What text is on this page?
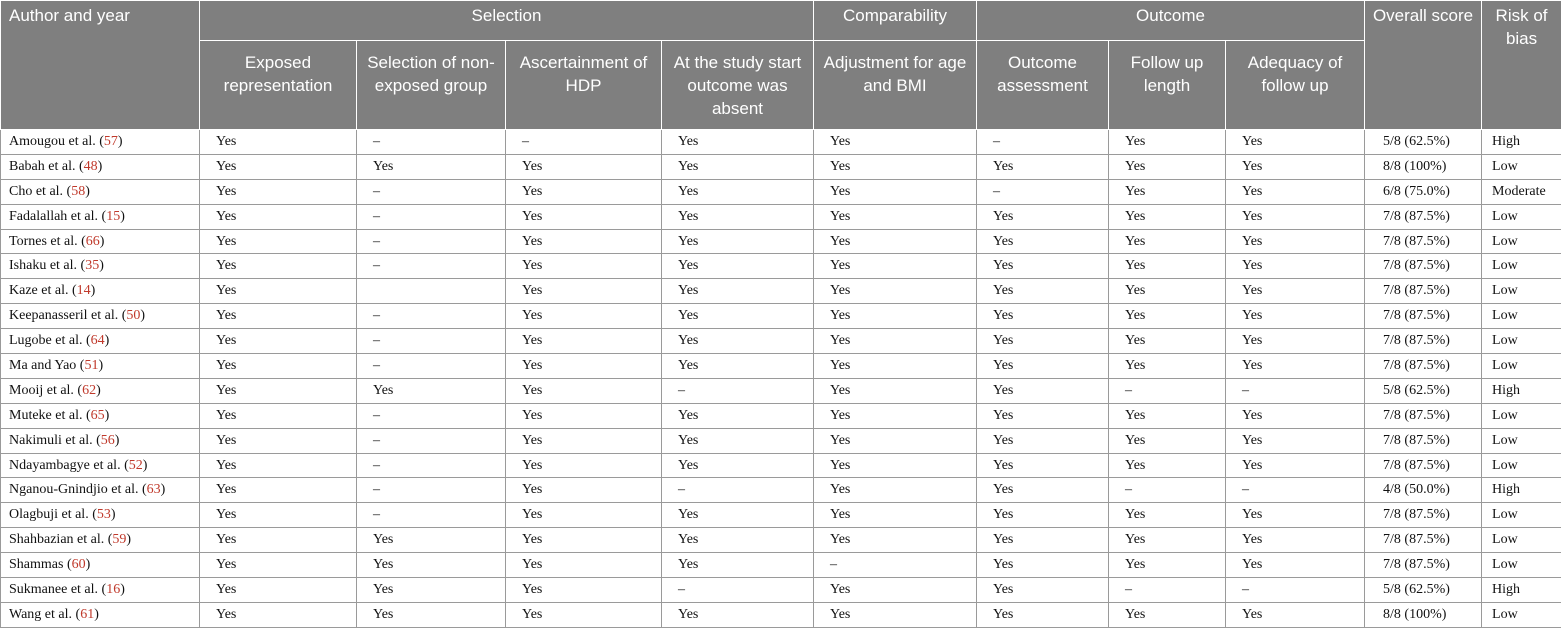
Author and year	Selection				Comparability	Outcome			Overall score	Risk of bias
	Exposed representation	Selection of non-exposed group	Ascertainment of HDP	At the study start outcome was absent	Adjustment for age and BMI	Outcome assessment	Follow up length	Adequacy of follow up		
Amougou et al. (57)	Yes	–	–	Yes	Yes	–	Yes	Yes	5/8 (62.5%)	High
Babah et al. (48)	Yes	Yes	Yes	Yes	Yes	Yes	Yes	Yes	8/8 (100%)	Low
Cho et al. (58)	Yes	–	Yes	Yes	Yes	–	Yes	Yes	6/8 (75.0%)	Moderate
Fadalallah et al. (15)	Yes	–	Yes	Yes	Yes	Yes	Yes	Yes	7/8 (87.5%)	Low
Tornes et al. (66)	Yes	–	Yes	Yes	Yes	Yes	Yes	Yes	7/8 (87.5%)	Low
Ishaku et al. (35)	Yes	–	Yes	Yes	Yes	Yes	Yes	Yes	7/8 (87.5%)	Low
Kaze et al. (14)	Yes		Yes	Yes	Yes	Yes	Yes	Yes	7/8 (87.5%)	Low
Keepanasseril et al. (50)	Yes	–	Yes	Yes	Yes	Yes	Yes	Yes	7/8 (87.5%)	Low
Lugobe et al. (64)	Yes	–	Yes	Yes	Yes	Yes	Yes	Yes	7/8 (87.5%)	Low
Ma and Yao (51)	Yes	–	Yes	Yes	Yes	Yes	Yes	Yes	7/8 (87.5%)	Low
Mooij et al. (62)	Yes	Yes	Yes	–	Yes	Yes	–	–	5/8 (62.5%)	High
Muteke et al. (65)	Yes	–	Yes	Yes	Yes	Yes	Yes	Yes	7/8 (87.5%)	Low
Nakimuli et al. (56)	Yes	–	Yes	Yes	Yes	Yes	Yes	Yes	7/8 (87.5%)	Low
Ndayambagye et al. (52)	Yes	–	Yes	Yes	Yes	Yes	Yes	Yes	7/8 (87.5%)	Low
Nganou-Gnindjio et al. (63)	Yes	–	Yes	–	Yes	Yes	–	–	4/8 (50.0%)	High
Olagbuji et al. (53)	Yes	–	Yes	Yes	Yes	Yes	Yes	Yes	7/8 (87.5%)	Low
Shahbazian et al. (59)	Yes	Yes	Yes	Yes	Yes	Yes	Yes	Yes	7/8 (87.5%)	Low
Shammas (60)	Yes	Yes	Yes	Yes	–	Yes	Yes	Yes	7/8 (87.5%)	Low
Sukmanee et al. (16)	Yes	Yes	Yes	–	Yes	Yes	–	–	5/8 (62.5%)	High
Wang et al. (61)	Yes	Yes	Yes	Yes	Yes	Yes	Yes	Yes	8/8 (100%)	Low
